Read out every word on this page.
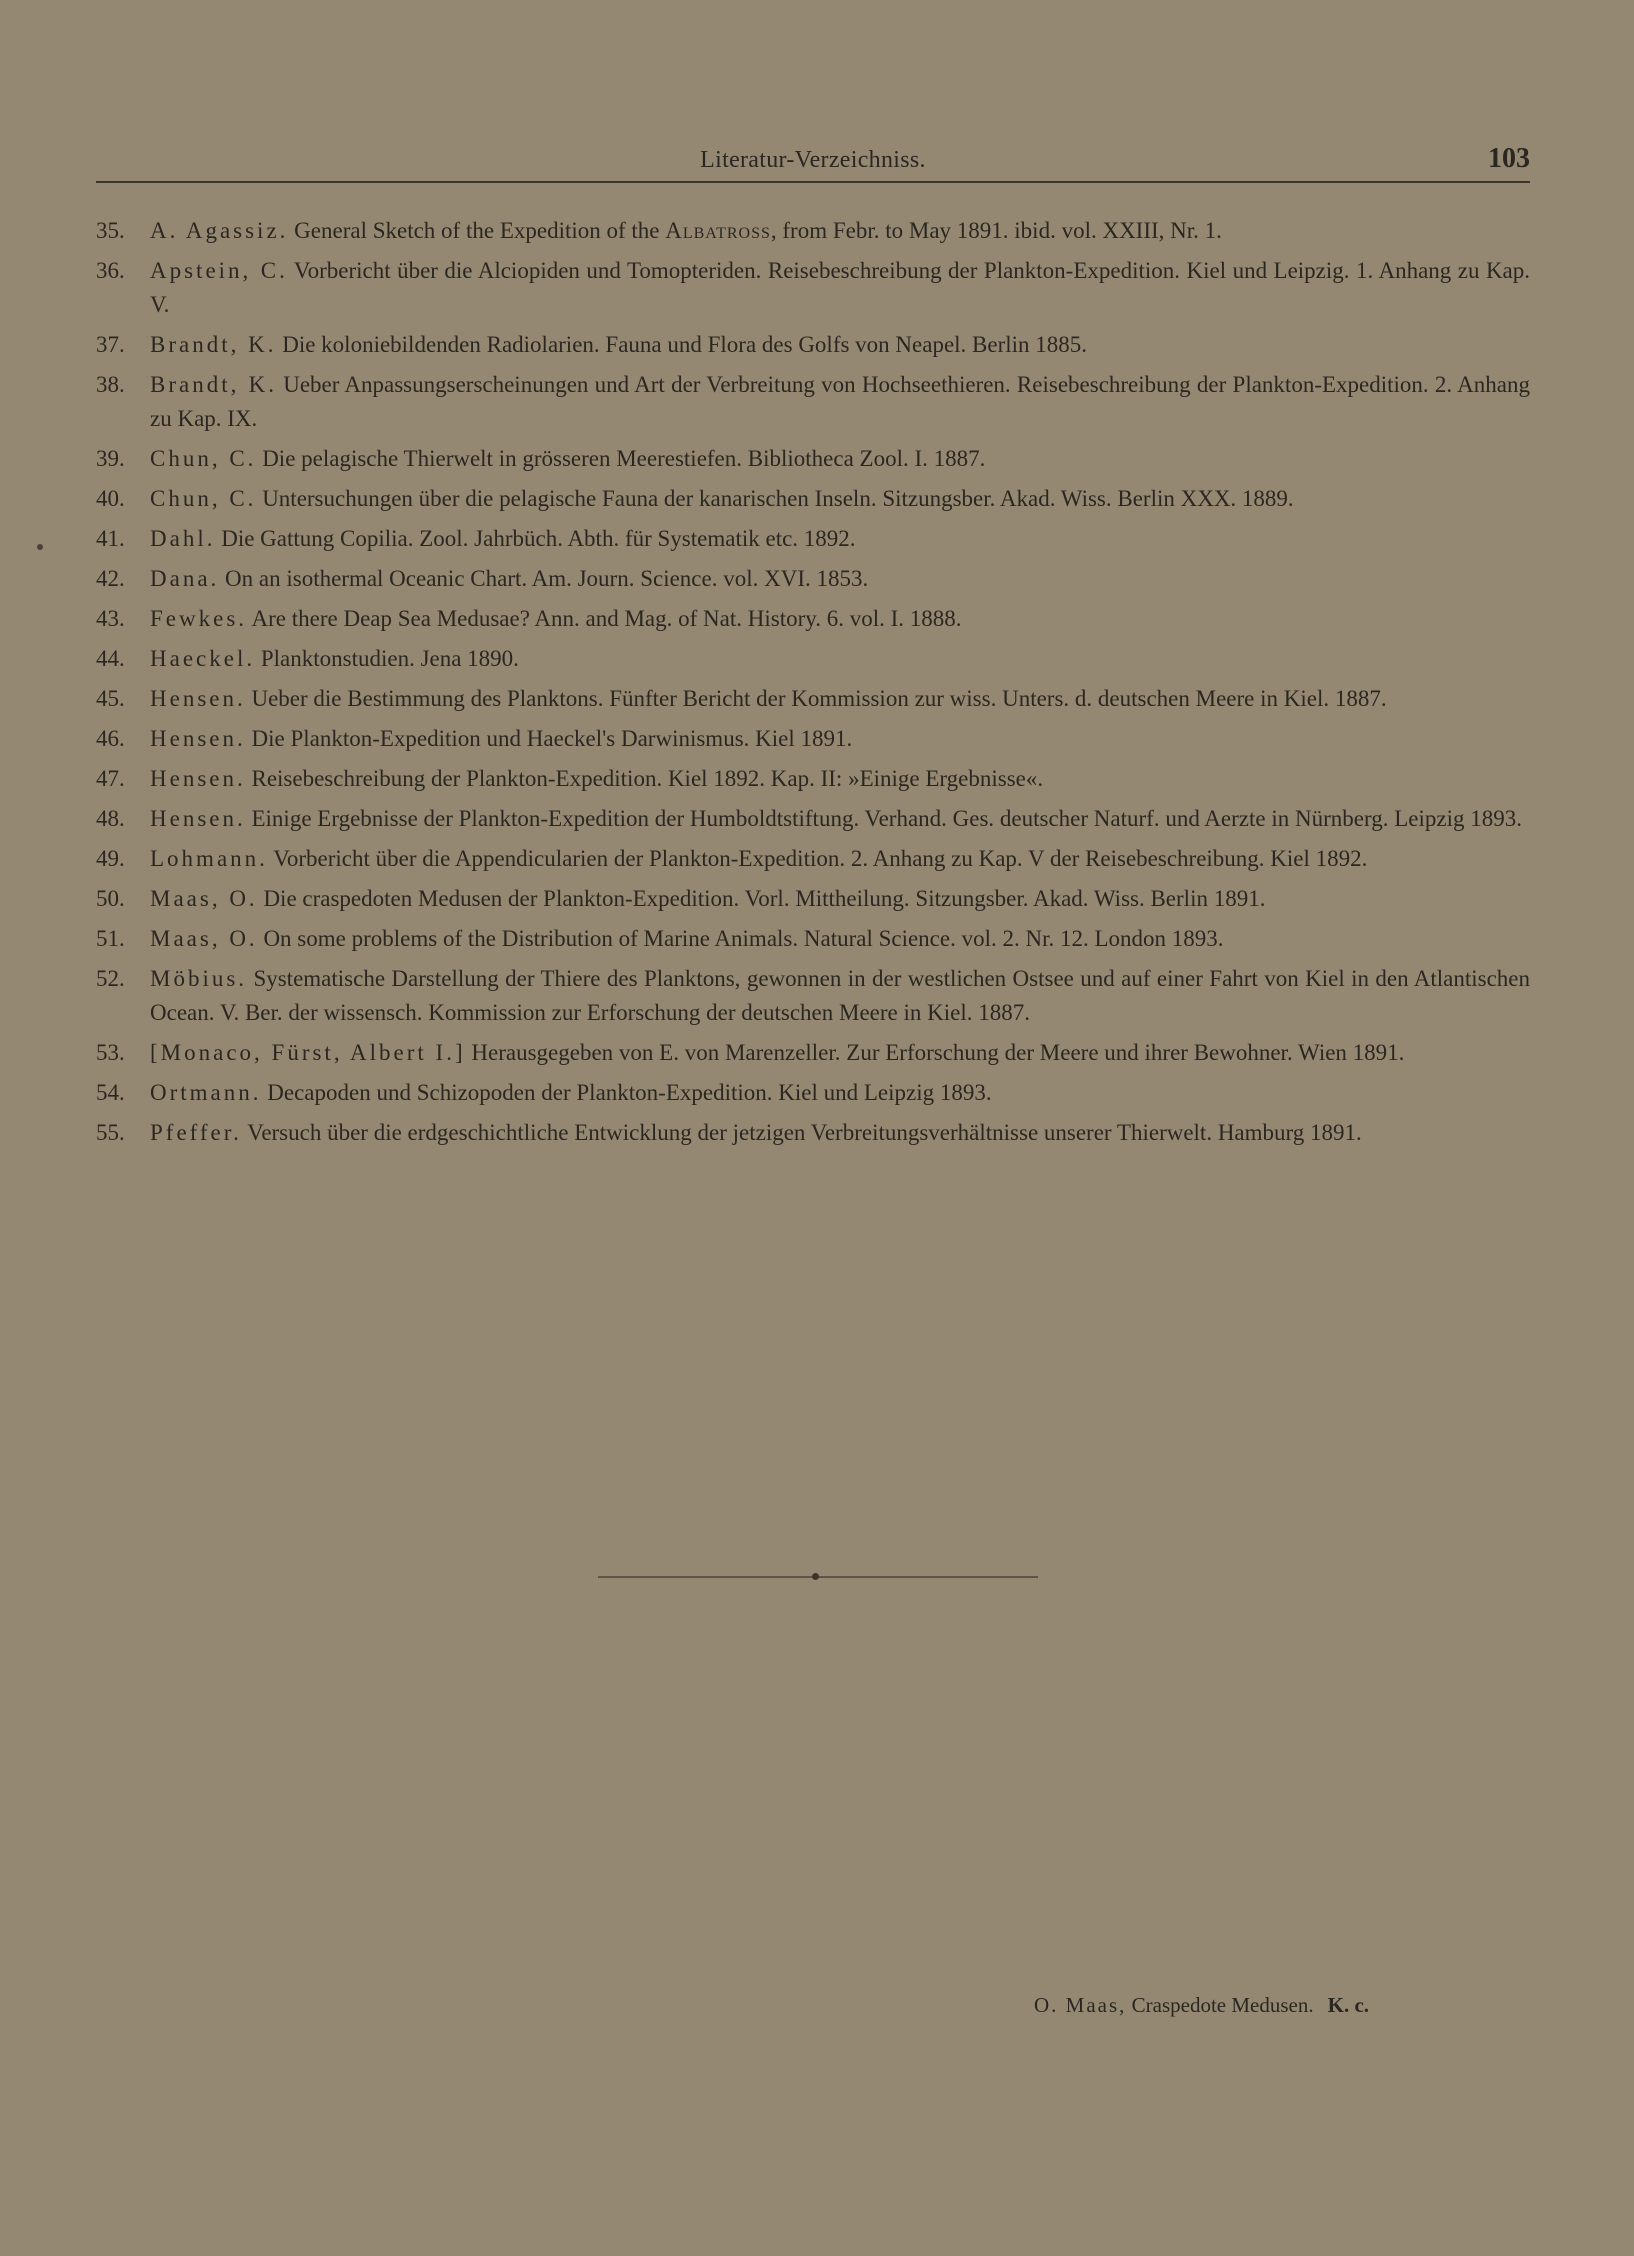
Literatur-Verzeichniss.	103
35. A. Agassiz. General Sketch of the Expedition of the Albatross, from Febr. to May 1891. ibid. vol. XXIII, Nr. 1.
36. Apstein, C. Vorbericht über die Alciopiden und Tomopteriden. Reisebeschreibung der Plankton-Expedition. Kiel und Leipzig. 1. Anhang zu Kap. V.
37. Brandt, K. Die koloniebildenden Radiolarien. Fauna und Flora des Golfs von Neapel. Berlin 1885.
38. Brandt, K. Ueber Anpassungserscheinungen und Art der Verbreitung von Hochseethieren. Reisebeschreibung der Plankton-Expedition. 2. Anhang zu Kap. IX.
39. Chun, C. Die pelagische Thierwelt in grösseren Meerestiefen. Bibliotheca Zool. I. 1887.
40. Chun, C. Untersuchungen über die pelagische Fauna der kanarischen Inseln. Sitzungsber. Akad. Wiss. Berlin XXX. 1889.
41. Dahl. Die Gattung Copilia. Zool. Jahrbüch. Abth. für Systematik etc. 1892.
42. Dana. On an isothermal Oceanic Chart. Am. Journ. Science. vol. XVI. 1853.
43. Fewkes. Are there Deap Sea Medusae? Ann. and Mag. of Nat. History. 6. vol. I. 1888.
44. Haeckel. Planktonstudien. Jena 1890.
45. Hensen. Ueber die Bestimmung des Planktons. Fünfter Bericht der Kommission zur wiss. Unters. d. deutschen Meere in Kiel. 1887.
46. Hensen. Die Plankton-Expedition und Haeckel's Darwinismus. Kiel 1891.
47. Hensen. Reisebeschreibung der Plankton-Expedition. Kiel 1892. Kap. II: »Einige Ergebnisse«.
48. Hensen. Einige Ergebnisse der Plankton-Expedition der Humboldtstiftung. Verhand. Ges. deutscher Naturf. und Aerzte in Nürnberg. Leipzig 1893.
49. Lohmann. Vorbericht über die Appendicularien der Plankton-Expedition. 2. Anhang zu Kap. V der Reisebeschreibung. Kiel 1892.
50. Maas, O. Die craspedoten Medusen der Plankton-Expedition. Vorl. Mittheilung. Sitzungsber. Akad. Wiss. Berlin 1891.
51. Maas, O. On some problems of the Distribution of Marine Animals. Natural Science. vol. 2. Nr. 12. London 1893.
52. Möbius. Systematische Darstellung der Thiere des Planktons, gewonnen in der westlichen Ostsee und auf einer Fahrt von Kiel in den Atlantischen Ocean. V. Ber. der wissensch. Kommission zur Erforschung der deutschen Meere in Kiel. 1887.
53. [Monaco, Fürst, Albert I.] Herausgegeben von E. von Marenzeller. Zur Erforschung der Meere und ihrer Bewohner. Wien 1891.
54. Ortmann. Decapoden und Schizopoden der Plankton-Expedition. Kiel und Leipzig 1893.
55. Pfeffer. Versuch über die erdgeschichtliche Entwicklung der jetzigen Verbreitungsverhältnisse unserer Thierwelt. Hamburg 1891.
O. Maas, Craspedote Medusen. K. c.
